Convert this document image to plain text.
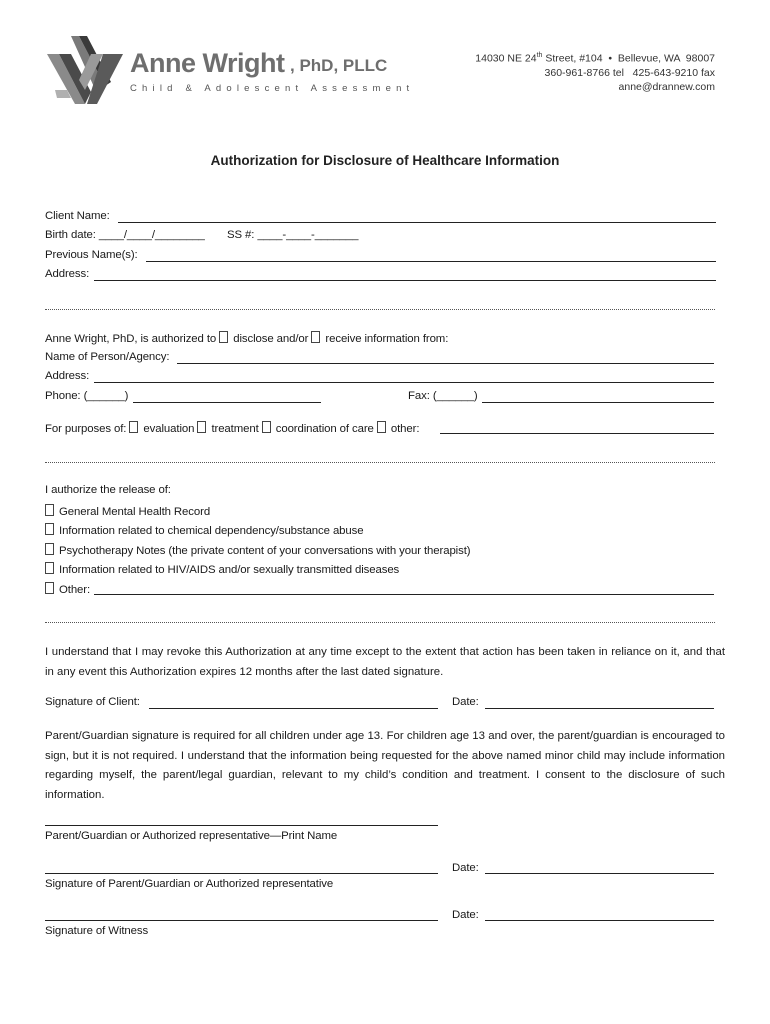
Anne Wright , PhD, PLLC
Child & Adolescent Assessment
14030 NE 24th Street, #104  •  Bellevue, WA  98007
360-961-8766 tel   425-643-9210 fax
anne@drannew.com
Authorization for Disclosure of Healthcare Information
Client Name:
Birth date: ____/____/________ SS #: ____-____-_______
Previous Name(s):
Address:
Anne Wright, PhD, is authorized to disclose and/or receive information from:
Name of Person/Agency:
Address:
Phone: (______)	Fax: (______)
For purposes of: evaluation treatment coordination of care other:
I authorize the release of:
General Mental Health Record
Information related to chemical dependency/substance abuse
Psychotherapy Notes (the private content of your conversations with your therapist)
Information related to HIV/AIDS and/or sexually transmitted diseases
Other:
I understand that I may revoke this Authorization at any time except to the extent that action has been taken in reliance on it, and that in any event this Authorization expires 12 months after the last dated signature.
Signature of Client:	Date:
Parent/Guardian signature is required for all children under age 13. For children age 13 and over, the parent/guardian is encouraged to sign, but it is not required. I understand that the information being requested for the above named minor child may include information regarding myself, the parent/legal guardian, relevant to my child’s condition and treatment. I consent to the disclosure of such information.
Parent/Guardian or Authorized representative—Print Name
Date:
Signature of Parent/Guardian or Authorized representative
Date:
Signature of Witness
